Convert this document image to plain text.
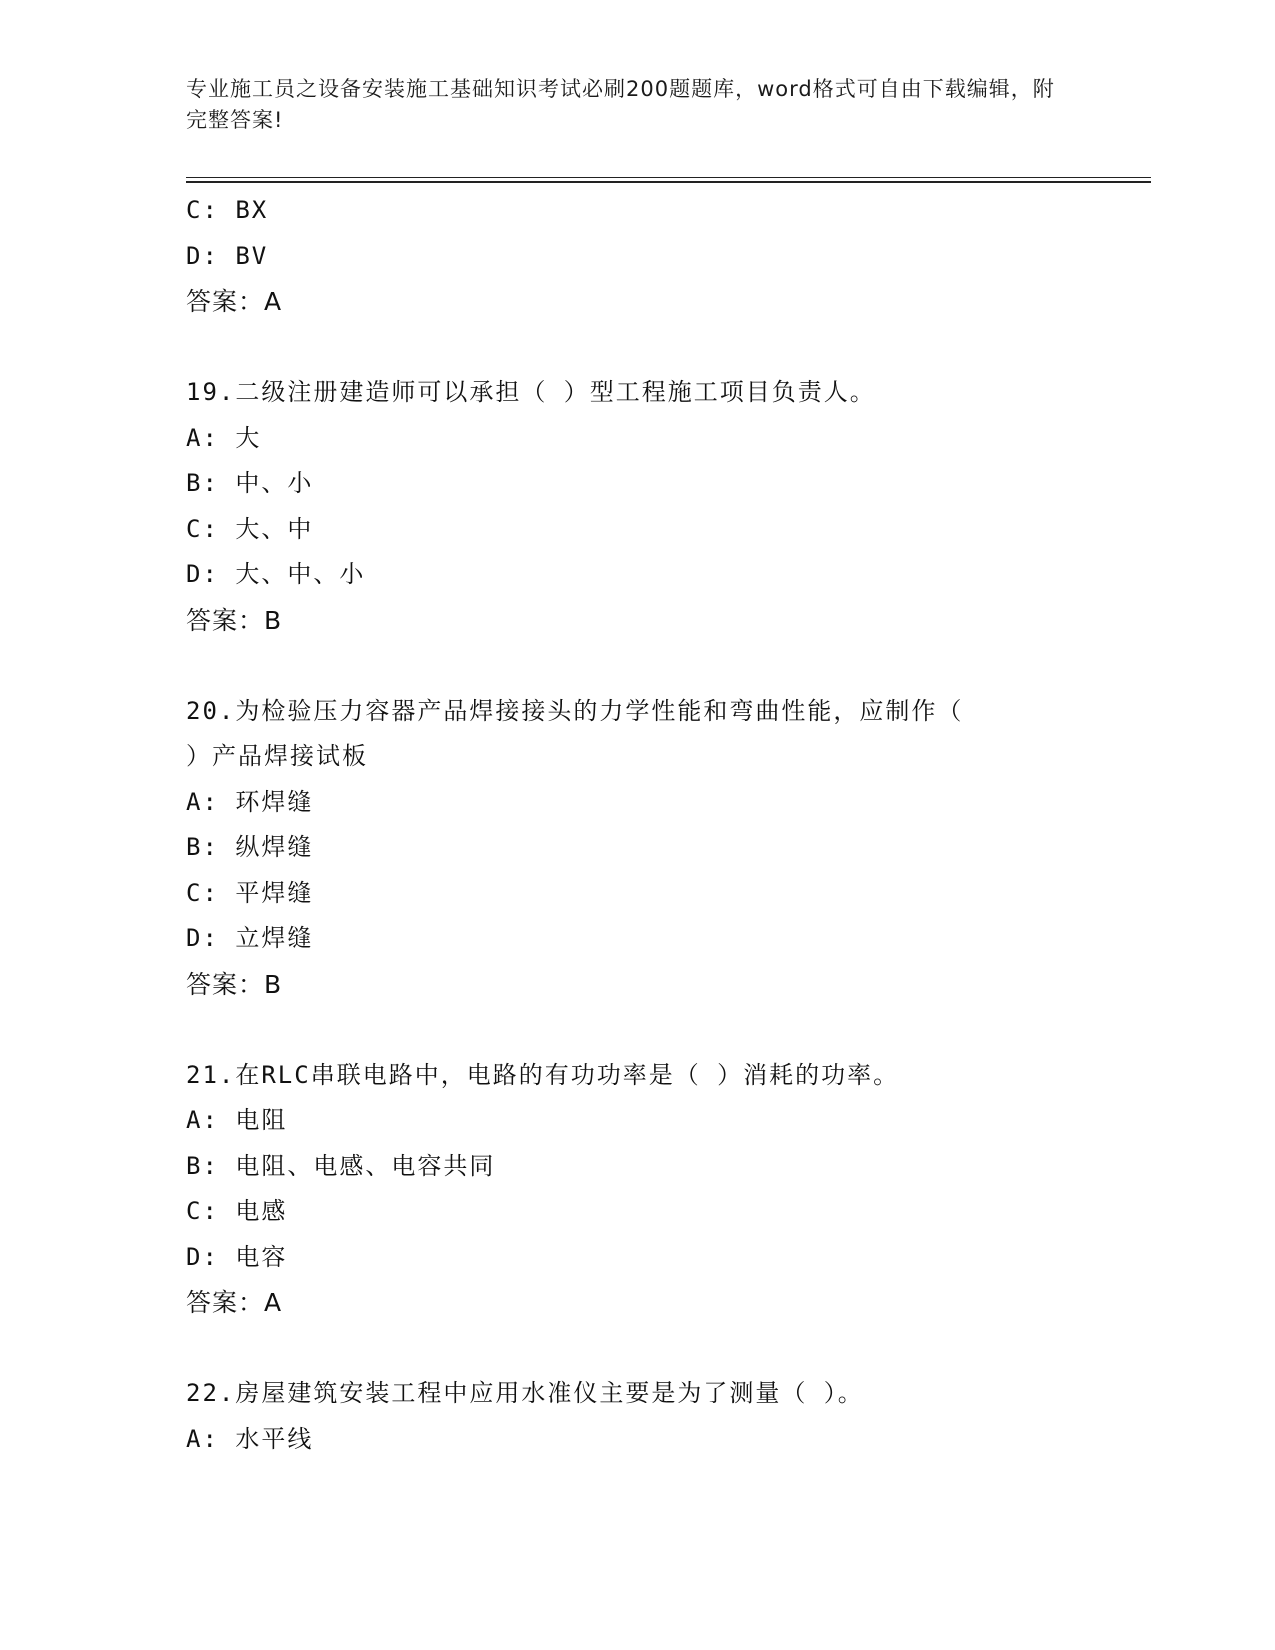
专业施工员之设备安装施工基础知识考试必刷200题题库，word格式可自由下载编辑，附完整答案!
C: BX
D: BV
答案：A
19.二级注册建造师可以承担（ ）型工程施工项目负责人。
A: 大
B: 中、小
C: 大、中
D: 大、中、小
答案：B
20.为检验压力容器产品焊接接头的力学性能和弯曲性能，应制作（
）产品焊接试板
A: 环焊缝
B: 纵焊缝
C: 平焊缝
D: 立焊缝
答案：B
21.在RLC串联电路中，电路的有功功率是（ ）消耗的功率。
A: 电阻
B: 电阻、电感、电容共同
C: 电感
D: 电容
答案：A
22.房屋建筑安装工程中应用水准仪主要是为了测量（ ）。
A: 水平线
